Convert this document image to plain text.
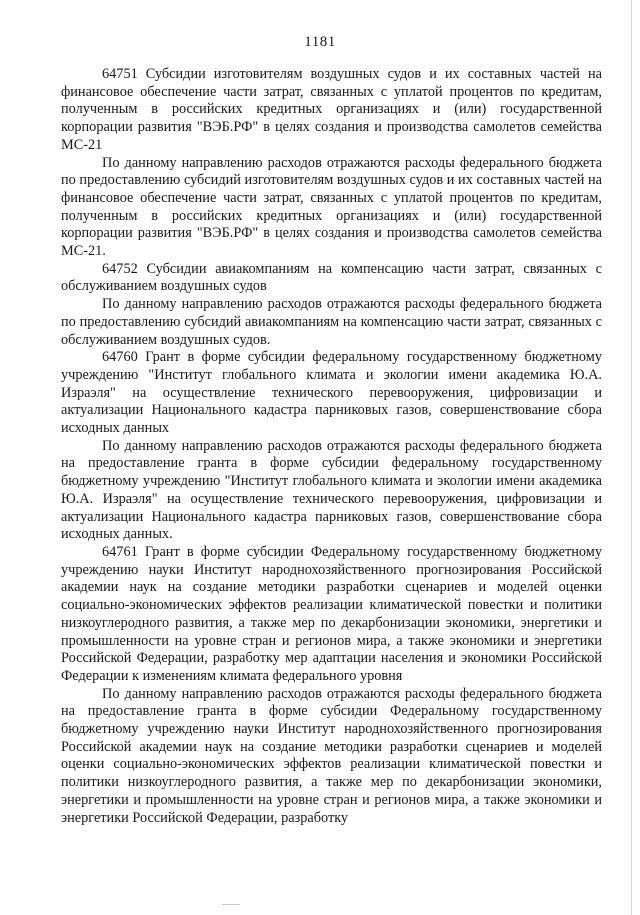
1181

64751 Субсидии изготовителям воздушных судов и их составных частей на финансовое обеспечение части затрат, связанных с уплатой процентов по кредитам, полученным в российских кредитных организациях и (или) государственной корпорации развития "ВЭБ.РФ" в целях создания и производства самолетов семейства МС-21

По данному направлению расходов отражаются расходы федерального бюджета по предоставлению субсидий изготовителям воздушных судов и их составных частей на финансовое обеспечение части затрат, связанных с уплатой процентов по кредитам, полученным в российских кредитных организациях и (или) государственной корпорации развития "ВЭБ.РФ" в целях создания и производства самолетов семейства МС-21.

64752 Субсидии авиакомпаниям на компенсацию части затрат, связанных с обслуживанием воздушных судов

По данному направлению расходов отражаются расходы федерального бюджета по предоставлению субсидий авиакомпаниям на компенсацию части затрат, связанных с обслуживанием воздушных судов.

64760 Грант в форме субсидии федеральному государственному бюджетному учреждению "Институт глобального климата и экологии имени академика Ю.А. Израэля" на осуществление технического перевооружения, цифровизации и актуализации Национального кадастра парниковых газов, совершенствование сбора исходных данных

По данному направлению расходов отражаются расходы федерального бюджета на предоставление гранта в форме субсидии федеральному государственному бюджетному учреждению "Институт глобального климата и экологии имени академика Ю.А. Израэля" на осуществление технического перевооружения, цифровизации и актуализации Национального кадастра парниковых газов, совершенствование сбора исходных данных.

64761 Грант в форме субсидии Федеральному государственному бюджетному учреждению науки Институт народнохозяйственного прогнозирования Российской академии наук на создание методики разработки сценариев и моделей оценки социально-экономических эффектов реализации климатической повестки и политики низкоуглеродного развития, а также мер по декарбонизации экономики, энергетики и промышленности на уровне стран и регионов мира, а также экономики и энергетики Российской Федерации, разработку мер адаптации населения и экономики Российской Федерации к изменениям климата федерального уровня

По данному направлению расходов отражаются расходы федерального бюджета на предоставление гранта в форме субсидии Федеральному государственному бюджетному учреждению науки Институт народнохозяйственного прогнозирования Российской академии наук на создание методики разработки сценариев и моделей оценки социально-экономических эффектов реализации климатической повестки и политики низкоуглеродного развития, а также мер по декарбонизации экономики, энергетики и промышленности на уровне стран и регионов мира, а также экономики и энергетики Российской Федерации, разработку
